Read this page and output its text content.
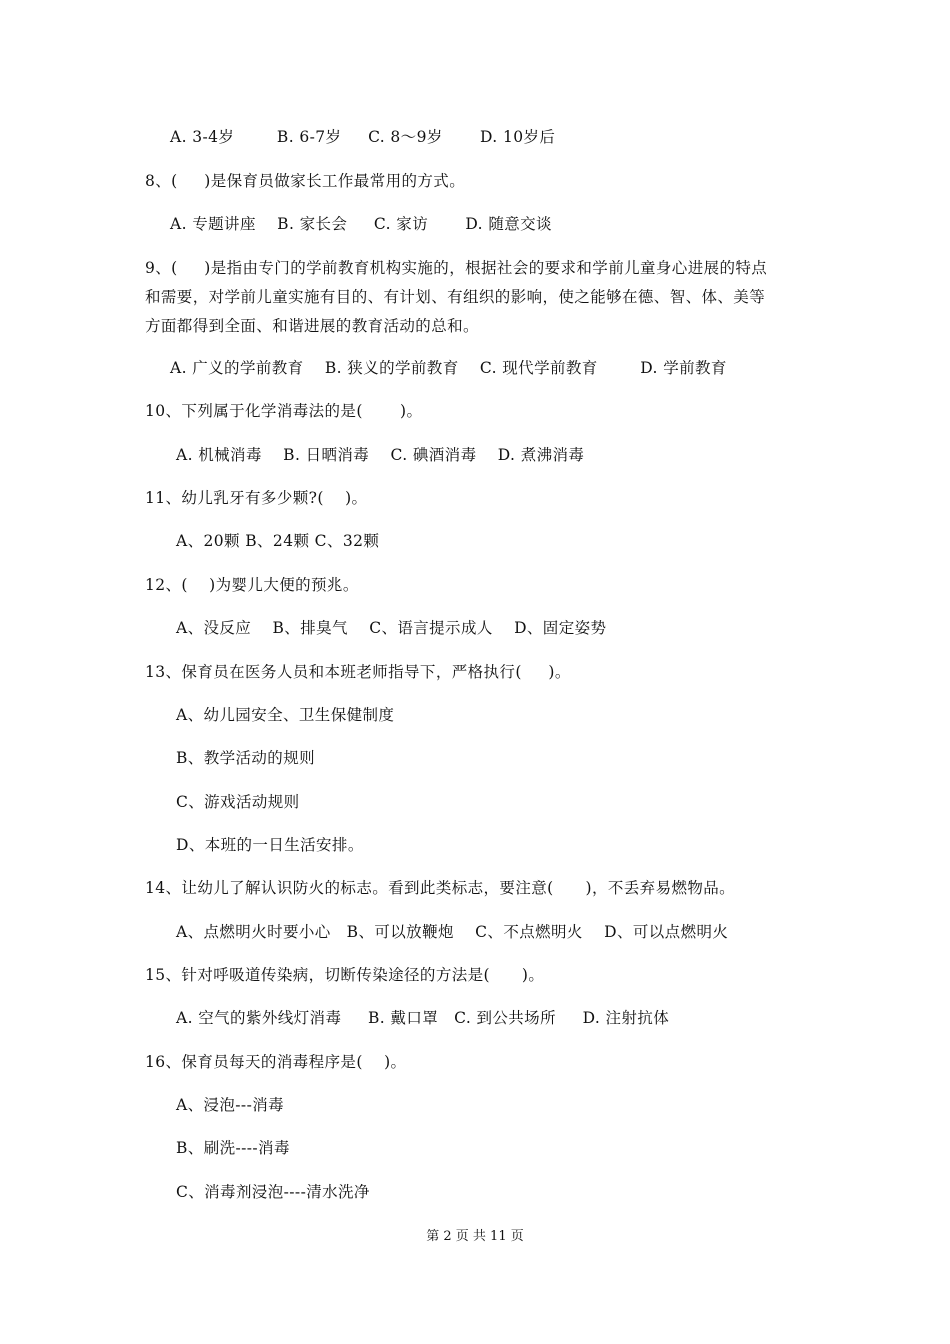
A. 3-4岁        B. 6-7岁     C. 8～9岁       D. 10岁后
8、(     )是保育员做家长工作最常用的方式。
A. 专题讲座    B. 家长会     C. 家访       D. 随意交谈
9、(     )是指由专门的学前教育机构实施的，根据社会的要求和学前儿童身心进展的特点
和需要，对学前儿童实施有目的、有计划、有组织的影响，使之能够在德、智、体、美等
方面都得到全面、和谐进展的教育活动的总和。
A. 广义的学前教育    B. 狭义的学前教育    C. 现代学前教育        D. 学前教育
10、下列属于化学消毒法的是(       )。
A. 机械消毒    B. 日晒消毒    C. 碘酒消毒    D. 煮沸消毒
11、幼儿乳牙有多少颗?(    )。
A、20颗 B、24颗 C、32颗
12、(    )为婴儿大便的预兆。
A、没反应    B、排臭气    C、语言提示成人    D、固定姿势
13、保育员在医务人员和本班老师指导下，严格执行(     )。
A、幼儿园安全、卫生保健制度
B、教学活动的规则
C、游戏活动规则
D、本班的一日生活安排。
14、让幼儿了解认识防火的标志。看到此类标志，要注意(      )，不丢弃易燃物品。
A、点燃明火时要小心   B、可以放鞭炮    C、不点燃明火    D、可以点燃明火
15、针对呼吸道传染病，切断传染途径的方法是(      )。
A. 空气的紫外线灯消毒     B. 戴口罩   C. 到公共场所     D. 注射抗体
16、保育员每天的消毒程序是(    )。
A、浸泡---消毒
B、刷洗----消毒
C、消毒剂浸泡----清水洗净
第 2 页 共 11 页
